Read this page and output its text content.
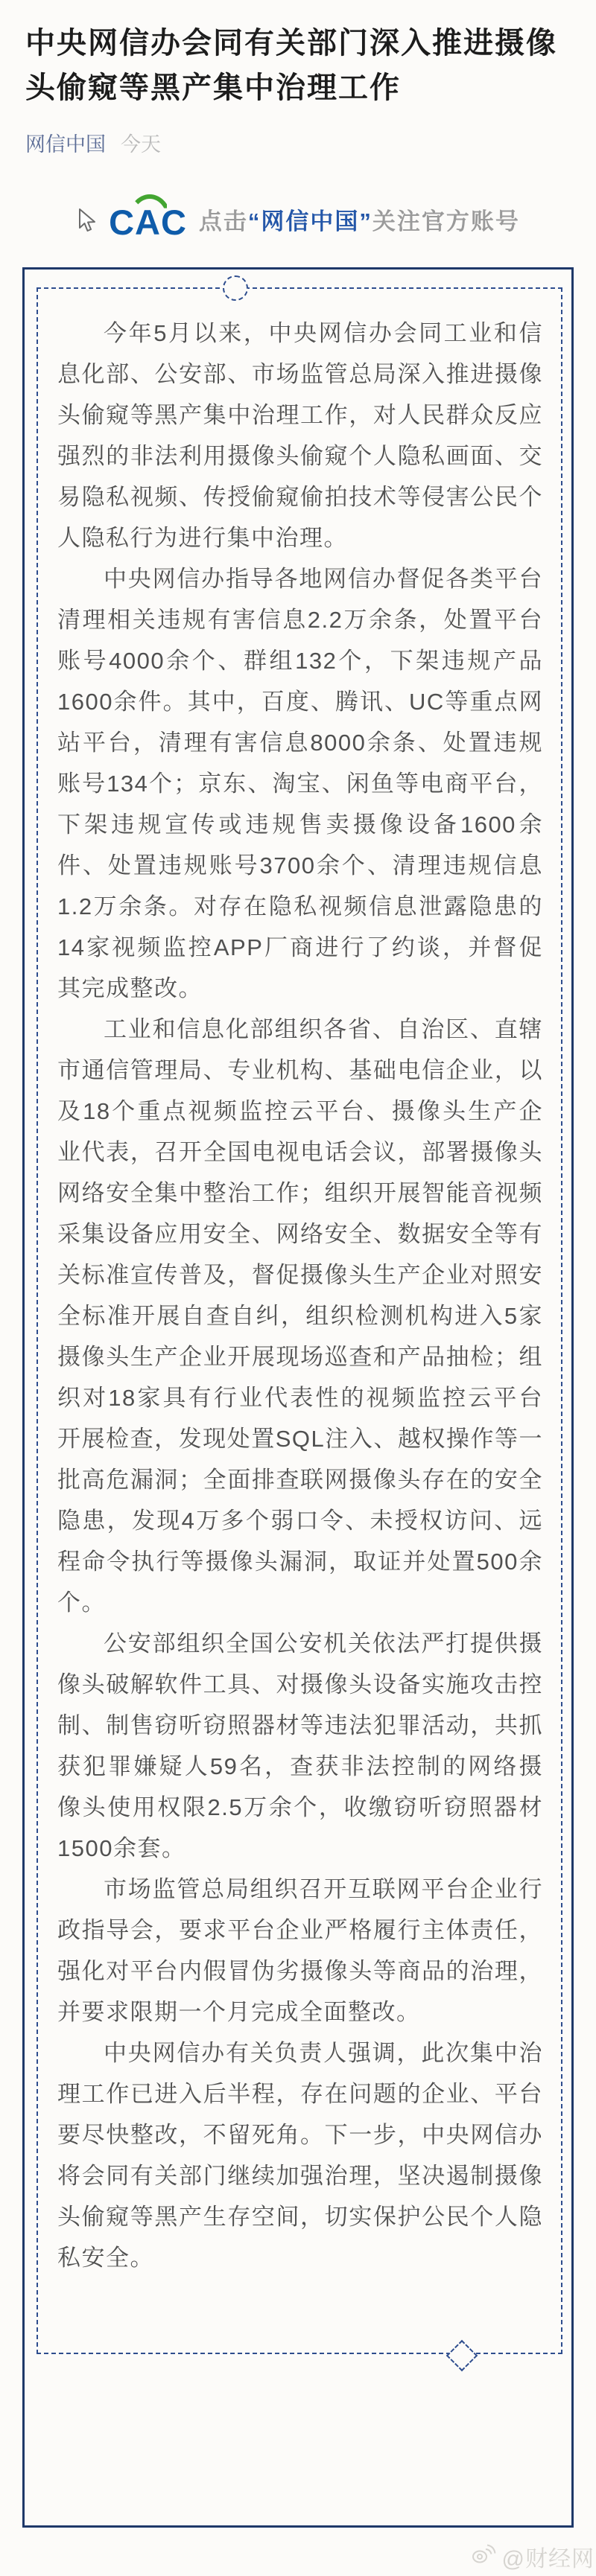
中央网信办会同有关部门深入推进摄像头偷窥等黑产集中治理工作
网信中国 今天
CAC 点击“网信中国”关注官方账号

今年5月以来，中央网信办会同工业和信息化部、公安部、市场监管总局深入推进摄像头偷窥等黑产集中治理工作，对人民群众反应强烈的非法利用摄像头偷窥个人隐私画面、交易隐私视频、传授偷窥偷拍技术等侵害公民个人隐私行为进行集中治理。

中央网信办指导各地网信办督促各类平台清理相关违规有害信息2.2万余条，处置平台账号4000余个、群组132个，下架违规产品1600余件。其中，百度、腾讯、UC等重点网站平台，清理有害信息8000余条、处置违规账号134个；京东、淘宝、闲鱼等电商平台，下架违规宣传或违规售卖摄像设备1600余件、处置违规账号3700余个、清理违规信息1.2万余条。对存在隐私视频信息泄露隐患的14家视频监控APP厂商进行了约谈，并督促其完成整改。

工业和信息化部组织各省、自治区、直辖市通信管理局、专业机构、基础电信企业，以及18个重点视频监控云平台、摄像头生产企业代表，召开全国电视电话会议，部署摄像头网络安全集中整治工作；组织开展智能音视频采集设备应用安全、网络安全、数据安全等有关标准宣传普及，督促摄像头生产企业对照安全标准开展自查自纠，组织检测机构进入5家摄像头生产企业开展现场巡查和产品抽检；组织对18家具有行业代表性的视频监控云平台开展检查，发现处置SQL注入、越权操作等一批高危漏洞；全面排查联网摄像头存在的安全隐患，发现4万多个弱口令、未授权访问、远程命令执行等摄像头漏洞，取证并处置500余个。

公安部组织全国公安机关依法严打提供摄像头破解软件工具、对摄像头设备实施攻击控制、制售窃听窃照器材等违法犯罪活动，共抓获犯罪嫌疑人59名，查获非法控制的网络摄像头使用权限2.5万余个，收缴窃听窃照器材1500余套。

市场监管总局组织召开互联网平台企业行政指导会，要求平台企业严格履行主体责任，强化对平台内假冒伪劣摄像头等商品的治理，并要求限期一个月完成全面整改。

中央网信办有关负责人强调，此次集中治理工作已进入后半程，存在问题的企业、平台要尽快整改，不留死角。下一步，中央网信办将会同有关部门继续加强治理，坚决遏制摄像头偷窥等黑产生存空间，切实保护公民个人隐私安全。

@财经网
